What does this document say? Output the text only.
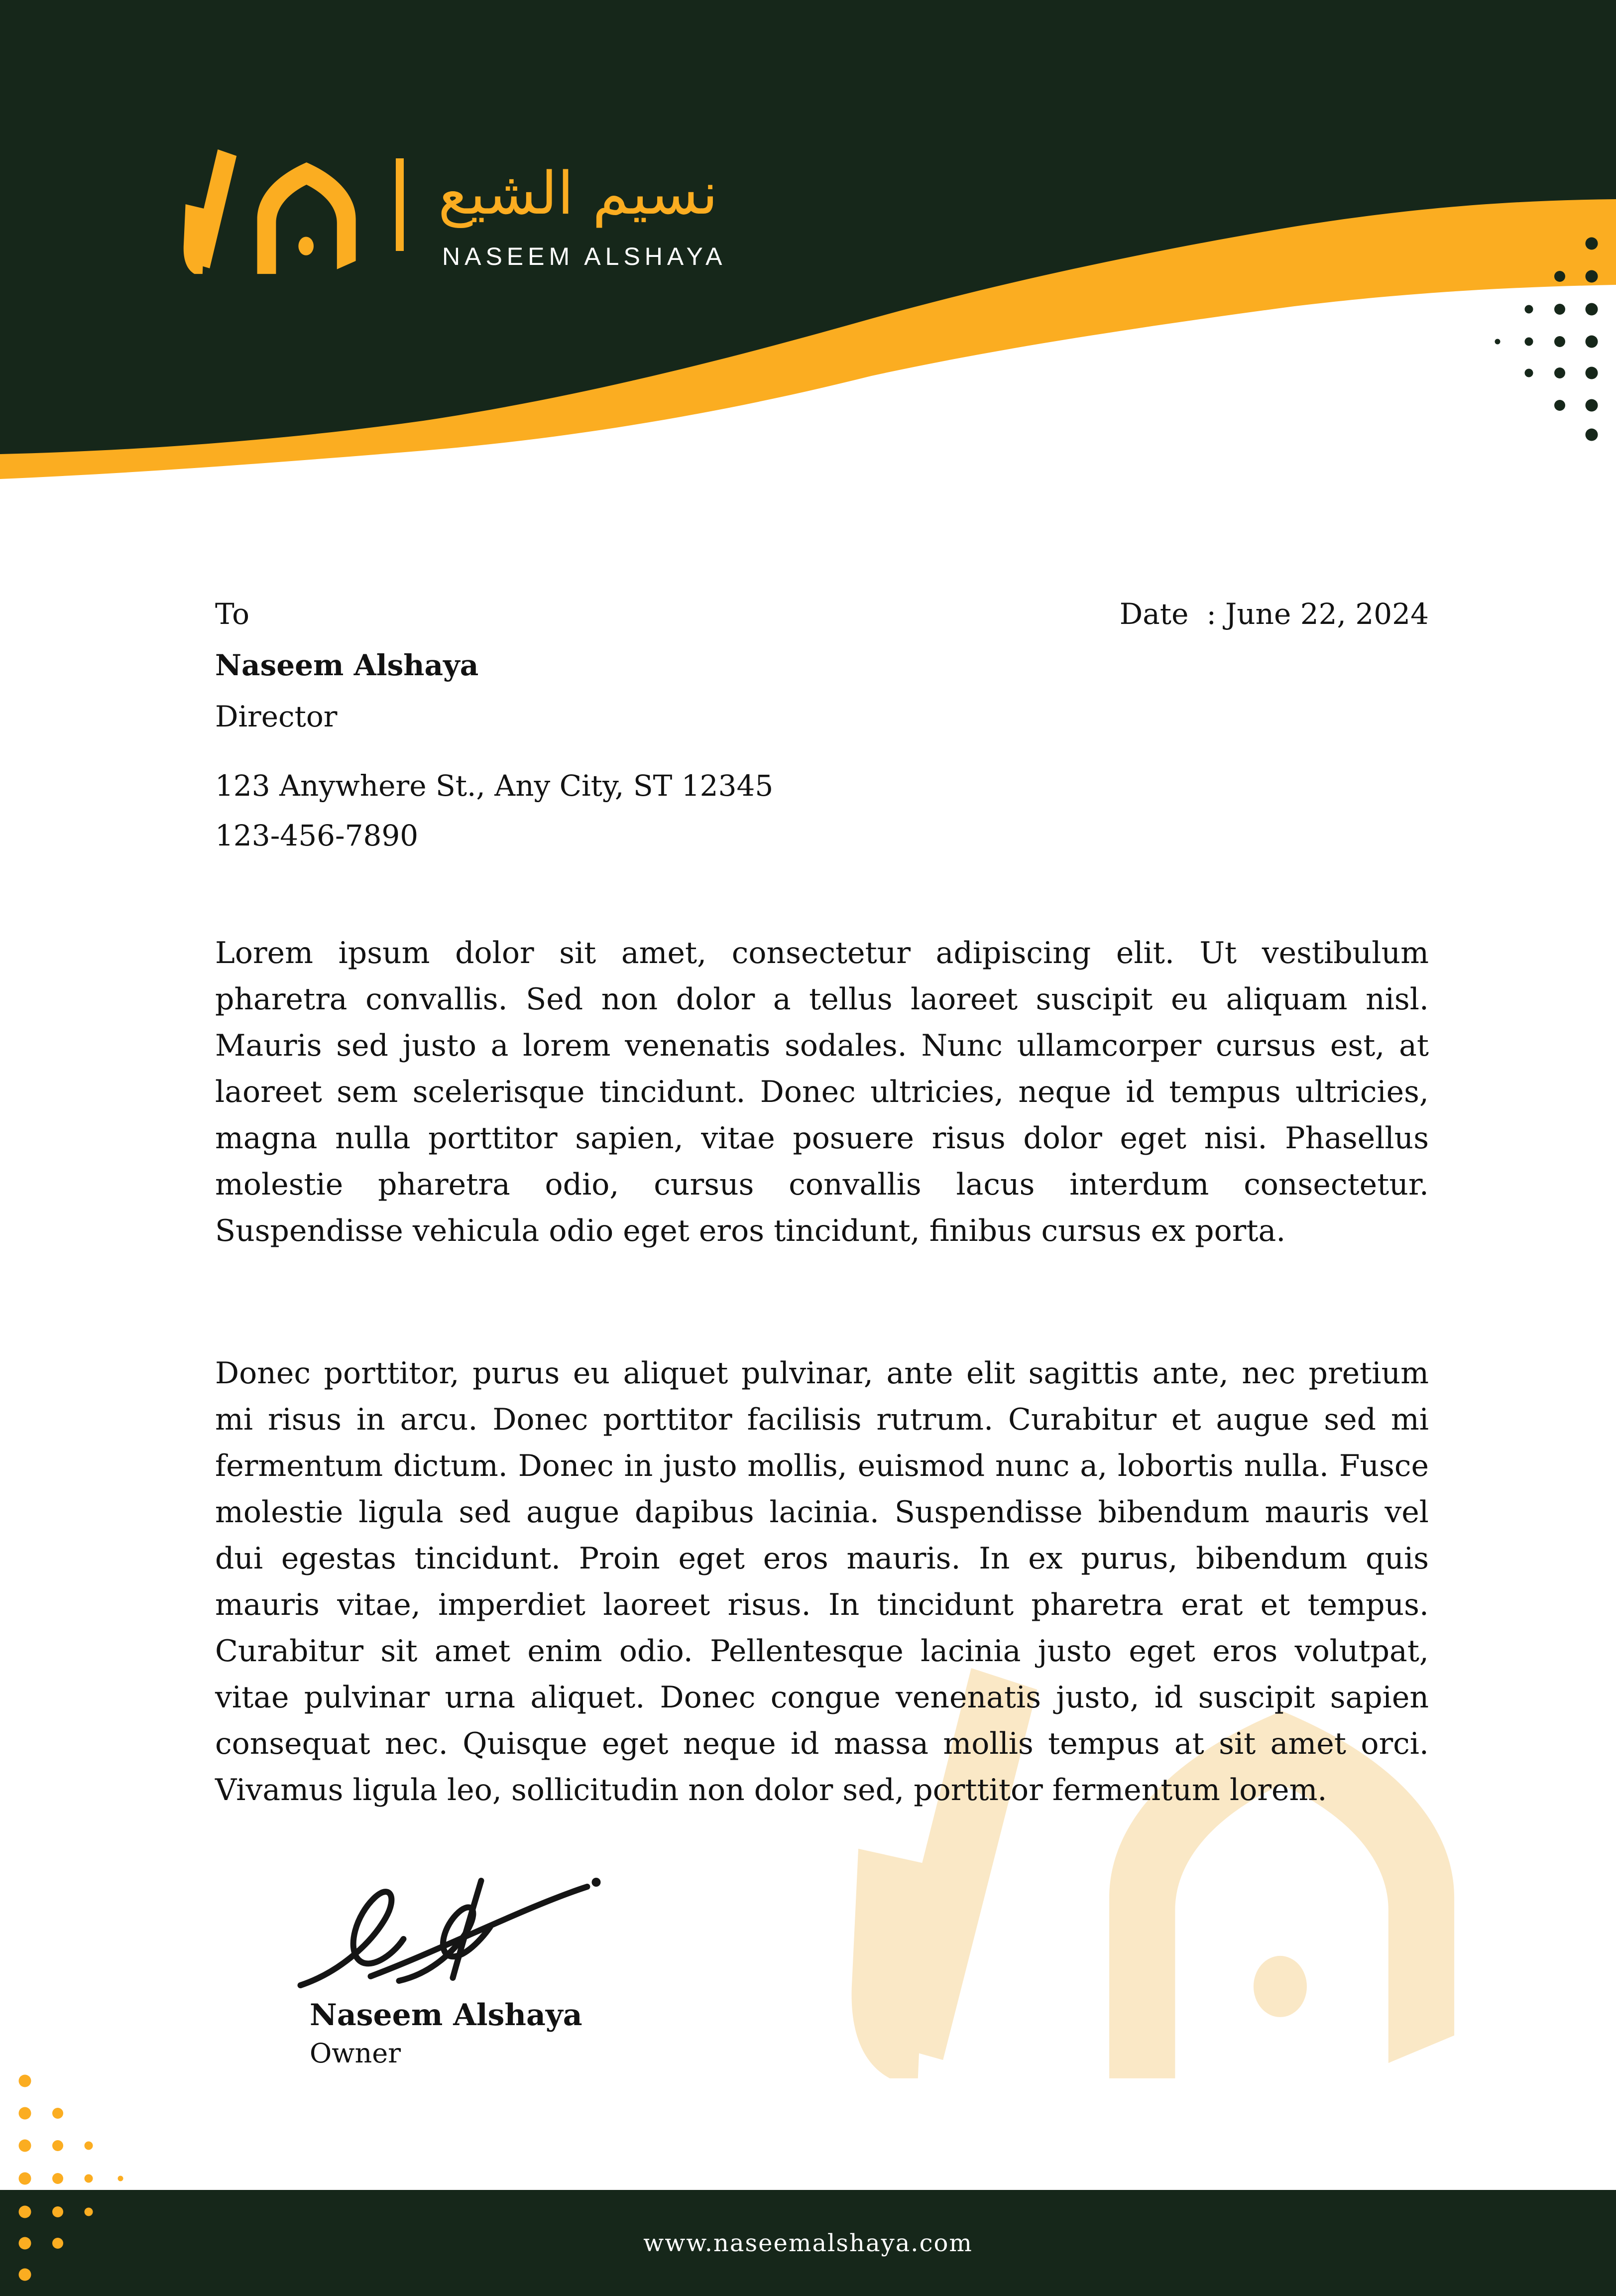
نسيم الشيع
NASEEM ALSHAYA
To
Naseem Alshaya
Director
Date : June 22, 2024
123 Anywhere St., Any City, ST 12345
123-456-7890

Lorem ipsum dolor sit amet, consectetur adipiscing elit. Ut vestibulum pharetra convallis. Sed non dolor a tellus laoreet suscipit eu aliquam nisl. Mauris sed justo a lorem venenatis sodales. Nunc ullamcorper cursus est, at laoreet sem scelerisque tincidunt. Donec ultricies, neque id tempus ultricies, magna nulla porttitor sapien, vitae posuere risus dolor eget nisi. Phasellus molestie pharetra odio, cursus convallis lacus interdum consectetur. Suspendisse vehicula odio eget eros tincidunt, finibus cursus ex porta.

Donec porttitor, purus eu aliquet pulvinar, ante elit sagittis ante, nec pretium mi risus in arcu. Donec porttitor facilisis rutrum. Curabitur et augue sed mi fermentum dictum. Donec in justo mollis, euismod nunc a, lobortis nulla. Fusce molestie ligula sed augue dapibus lacinia. Suspendisse bibendum mauris vel dui egestas tincidunt. Proin eget eros mauris. In ex purus, bibendum quis mauris vitae, imperdiet laoreet risus. In tincidunt pharetra erat et tempus. Curabitur sit amet enim odio. Pellentesque lacinia justo eget eros volutpat, vitae pulvinar urna aliquet. Donec congue venenatis justo, id suscipit sapien consequat nec. Quisque eget neque id massa mollis tempus at sit amet orci. Vivamus ligula leo, sollicitudin non dolor sed, porttitor fermentum lorem.

Naseem Alshaya
Owner
www.naseemalshaya.com
